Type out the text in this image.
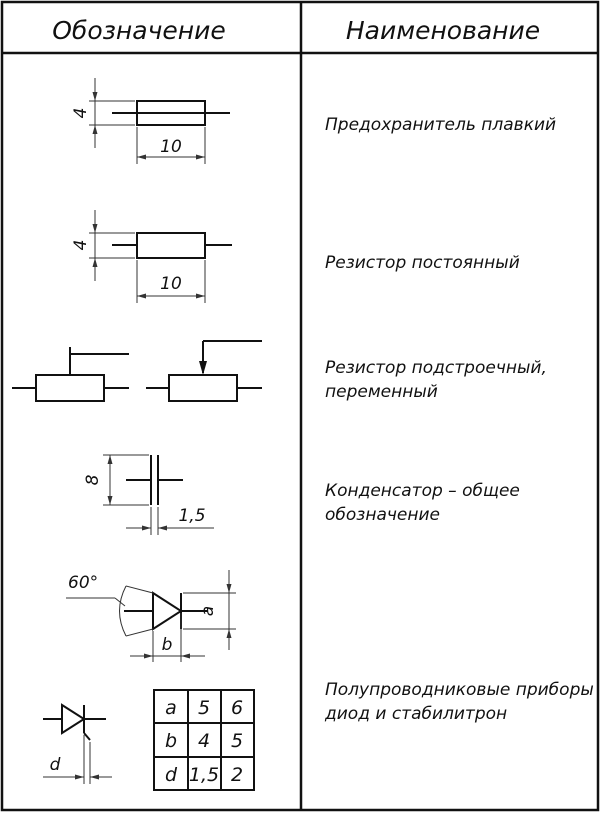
Обозначение	Наименование
4
10
Предохранитель плавкий
4
10
Резистор постоянный
Резистор подстроечный,
переменный
8
1,5
Конденсатор – общее
обозначение
60°
a
b
d
a 5 6
b 4 5
d 1,5 2
Полупроводниковые приборы
диод и стабилитрон
